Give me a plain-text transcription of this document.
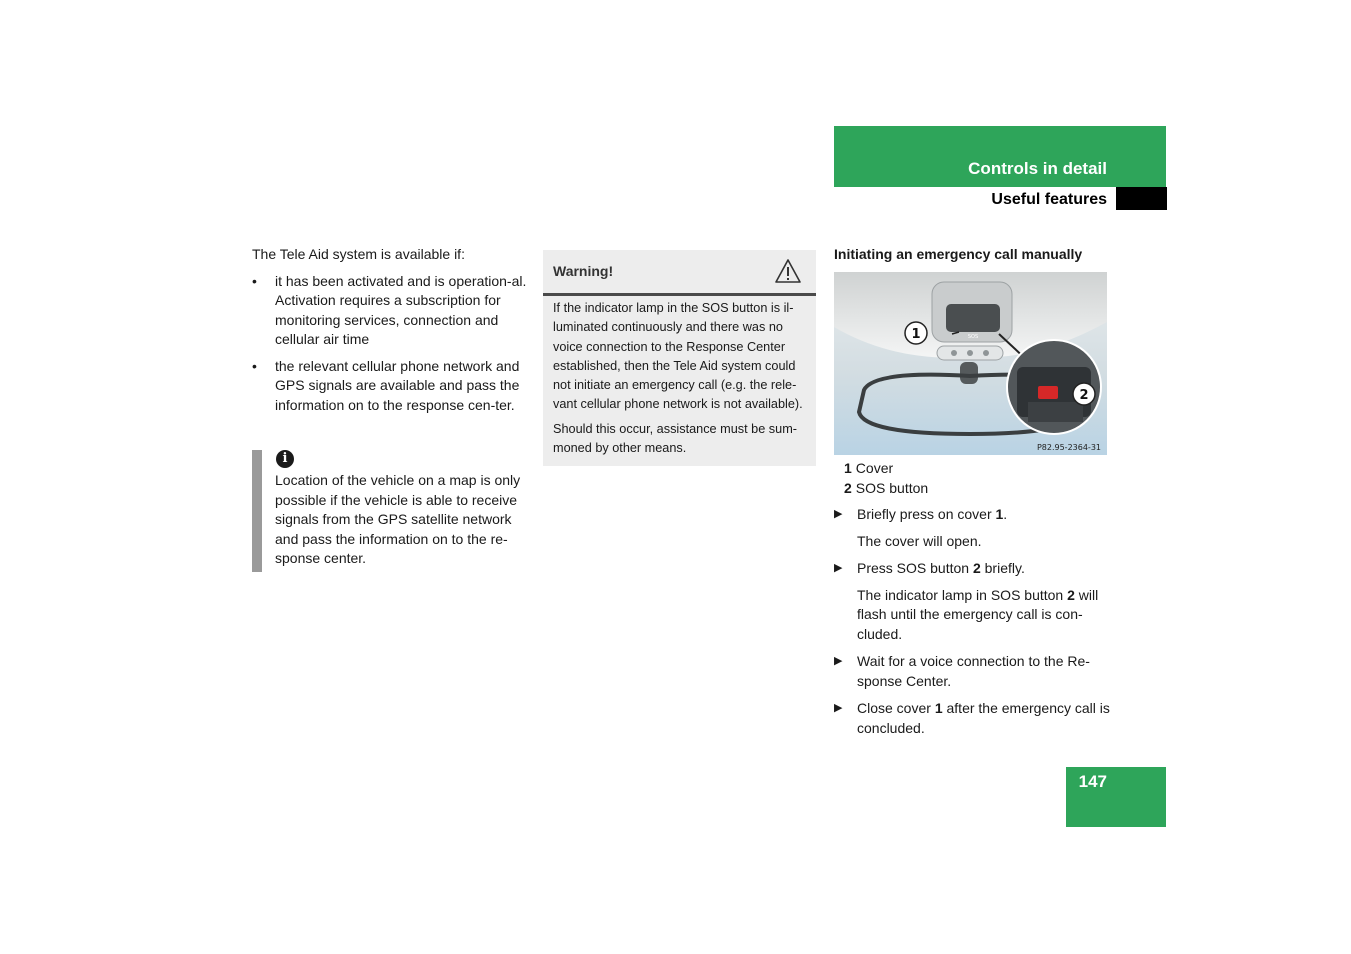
Controls in detail
Useful features

The Tele Aid system is available if:

• it has been activated and is operation-al. Activation requires a subscription for monitoring services, connection and cellular air time
• the relevant cellular phone network and GPS signals are available and pass the information on to the response cen-ter.
i

Location of the vehicle on a map is only possible if the vehicle is able to receive signals from the GPS satellite network and pass the information on to the re-sponse center.

Warning!

If the indicator lamp in the SOS button is il-luminated continuously and there was no voice connection to the Response Center established, then the Tele Aid system could not initiate an emergency call (e.g. the rele-vant cellular phone network is not available).

Should this occur, assistance must be sum-moned by other means.

Initiating an emergency call manually
SOS
1
2
P82.95-2364-31
1 Cover
2 SOS button
▶ Briefly press on cover 1.
The cover will open.
▶ Press SOS button 2 briefly.
The indicator lamp in SOS button 2 will flash until the emergency call is con-cluded.
▶ Wait for a voice connection to the Re-sponse Center.
▶ Close cover 1 after the emergency call is concluded.
147
